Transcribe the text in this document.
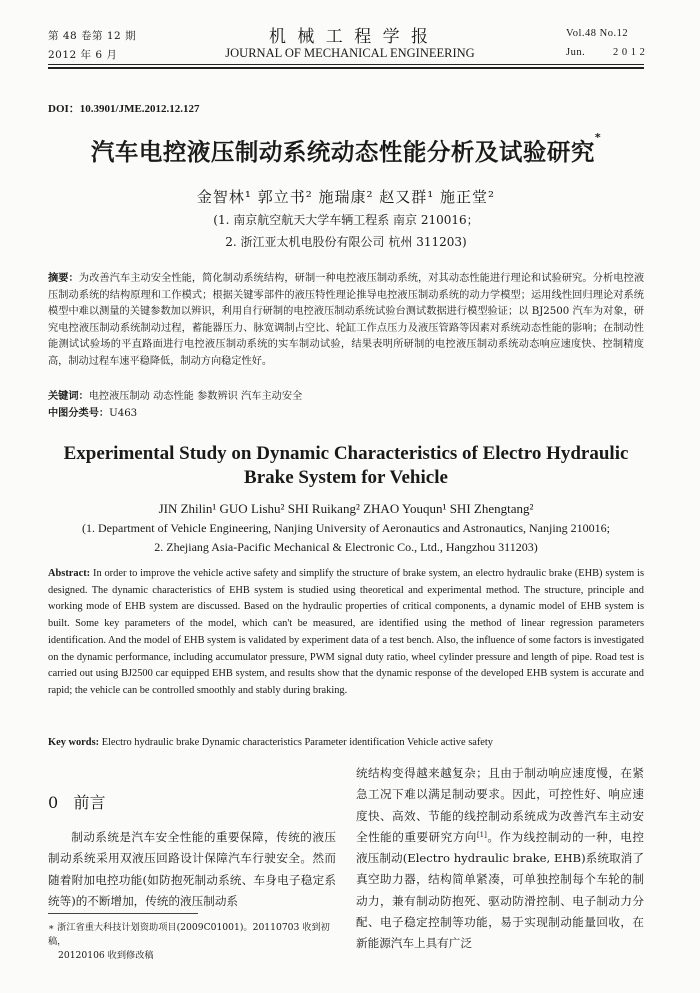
第 48 卷第 12 期
2012 年 6 月
机 械 工 程 学 报
JOURNAL OF MECHANICAL ENGINEERING
Vol.48 No.12
Jun.	2 0 1 2
DOI：10.3901/JME.2012.12.127
汽车电控液压制动系统动态性能分析及试验研究*
金智林¹ 郭立书² 施瑞康² 赵又群¹ 施正堂²
(1. 南京航空航天大学车辆工程系 南京 210016；
2. 浙江亚太机电股份有限公司 杭州 311203)
摘要：为改善汽车主动安全性能，简化制动系统结构，研制一种电控液压制动系统，对其动态性能进行理论和试验研究。分析电控液压制动系统的结构原理和工作模式；根据关键零部件的液压特性理论推导电控液压制动系统的动力学模型；运用线性回归理论对系统模型中难以测量的关键参数加以辨识，利用自行研制的电控液压制动系统试验台测试数据进行模型验证；以 BJ2500 汽车为对象，研究电控液压制动系统制动过程，蓄能器压力、脉宽调制占空比、轮缸工作点压力及液压管路等因素对系统动态性能的影响；在制动性能测试试验场的平直路面进行电控液压制动系统的实车制动试验，结果表明所研制的电控液压制动系统动态响应速度快、控制精度高，制动过程车速平稳降低，制动方向稳定性好。
关键词：电控液压制动 动态性能 参数辨识 汽车主动安全
中图分类号：U463
Experimental Study on Dynamic Characteristics of Electro Hydraulic
Brake System for Vehicle
JIN Zhilin¹ GUO Lishu² SHI Ruikang² ZHAO Youqun¹ SHI Zhengtang²
(1. Department of Vehicle Engineering, Nanjing University of Aeronautics and Astronautics, Nanjing 210016;
2. Zhejiang Asia-Pacific Mechanical & Electronic Co., Ltd., Hangzhou 311203)
Abstract: In order to improve the vehicle active safety and simplify the structure of brake system, an electro hydraulic brake (EHB) system is designed. The dynamic characteristics of EHB system is studied using theoretical and experimental method. The structure, principle and working mode of EHB system are discussed. Based on the hydraulic properties of critical components, a dynamic model of EHB system is built. Some key parameters of the model, which can't be measured, are identified using the method of linear regression parameters identification. And the model of EHB system is validated by experiment data of a test bench. Also, the influence of some factors is investigated on the dynamic performance, including accumulator pressure, PWM signal duty ratio, wheel cylinder pressure and length of pipe. Road test is carried out using BJ2500 car equipped EHB system, and results show that the dynamic response of the developed EHB system is accurate and rapid; the vehicle can be controlled smoothly and stably during braking.
Key words: Electro hydraulic brake Dynamic characteristics Parameter identification Vehicle active safety
0 前言
制动系统是汽车安全性能的重要保障，传统的液压制动系统采用双液压回路设计保障汽车行驶安全。然而随着附加电控功能(如防抱死制动系统、车身电子稳定系统等)的不断增加，传统的液压制动系
∗ 浙江省重大科技计划资助项目(2009C01001)。20110703 收到初稿，
20120106 收到修改稿
统结构变得越来越复杂；且由于制动响应速度慢，在紧急工况下难以满足制动要求。因此，可控性好、响应速度快、高效、节能的线控制动系统成为改善汽车主动安全性能的重要研究方向[1]。作为线控制动的一种，电控液压制动(Electro hydraulic brake, EHB)系统取消了真空助力器，结构简单紧凑，可单独控制每个车轮的制动力，兼有制动防抱死、驱动防滑控制、电子制动力分配、电子稳定控制等功能，易于实现制动能量回收，在新能源汽车上具有广泛
